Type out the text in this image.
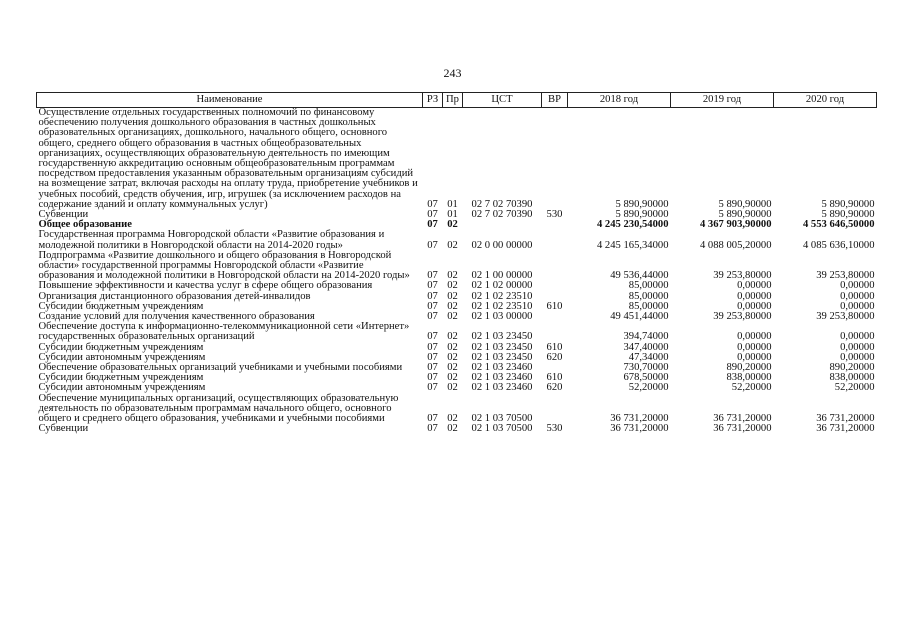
243
Наименование	РЗ	Пр	ЦСТ	ВР	2018 год	2019 год	2020 год
Осуществление отдельных государственных полномочий по финансовому обеспечению получения дошкольного образования в частных дошкольных образовательных организациях, дошкольного, начального общего, основного общего, среднего общего образования в частных общеобразовательных организациях, осуществляющих образовательную деятельность по имеющим государственную аккредитацию основным общеобразовательным программам посредством предоставления указанным образовательным организациям субсидий на возмещение затрат, включая расходы на оплату труда, приобретение учебников и учебных пособий, средств обучения, игр, игрушек (за исключением расходов на содержание зданий и оплату коммунальных услуг)	07	01	02 7 02 70390		5 890,90000	5 890,90000	5 890,90000
Субвенции	07	01	02 7 02 70390	530	5 890,90000	5 890,90000	5 890,90000
Общее образование	07	02			4 245 230,54000	4 367 903,90000	4 553 646,50000
Государственная программа Новгородской области «Развитие образования и молодежной политики в Новгородской области на 2014-2020 годы»	07	02	02 0 00 00000		4 245 165,34000	4 088 005,20000	4 085 636,10000
Подпрограмма «Развитие дошкольного и общего образования в Новгородской области» государственной программы Новгородской области «Развитие образования и молодежной политики в Новгородской области на 2014-2020 годы»	07	02	02 1 00 00000		49 536,44000	39 253,80000	39 253,80000
Повышение эффективности и качества услуг в сфере общего образования	07	02	02 1 02 00000		85,00000	0,00000	0,00000
Организация дистанционного образования детей-инвалидов	07	02	02 1 02 23510		85,00000	0,00000	0,00000
Субсидии бюджетным учреждениям	07	02	02 1 02 23510	610	85,00000	0,00000	0,00000
Создание условий для получения качественного образования	07	02	02 1 03 00000		49 451,44000	39 253,80000	39 253,80000
Обеспечение доступа к информационно-телекоммуникационной сети «Интернет» государственных образовательных организаций	07	02	02 1 03 23450		394,74000	0,00000	0,00000
Субсидии бюджетным учреждениям	07	02	02 1 03 23450	610	347,40000	0,00000	0,00000
Субсидии автономным учреждениям	07	02	02 1 03 23450	620	47,34000	0,00000	0,00000
Обеспечение образовательных организаций учебниками и учебными пособиями	07	02	02 1 03 23460		730,70000	890,20000	890,20000
Субсидии бюджетным учреждениям	07	02	02 1 03 23460	610	678,50000	838,00000	838,00000
Субсидии автономным учреждениям	07	02	02 1 03 23460	620	52,20000	52,20000	52,20000
Обеспечение муниципальных организаций, осуществляющих образовательную деятельность по образовательным программам начального общего, основного общего и среднего общего образования, учебниками и учебными пособиями	07	02	02 1 03 70500		36 731,20000	36 731,20000	36 731,20000
Субвенции	07	02	02 1 03 70500	530	36 731,20000	36 731,20000	36 731,20000
